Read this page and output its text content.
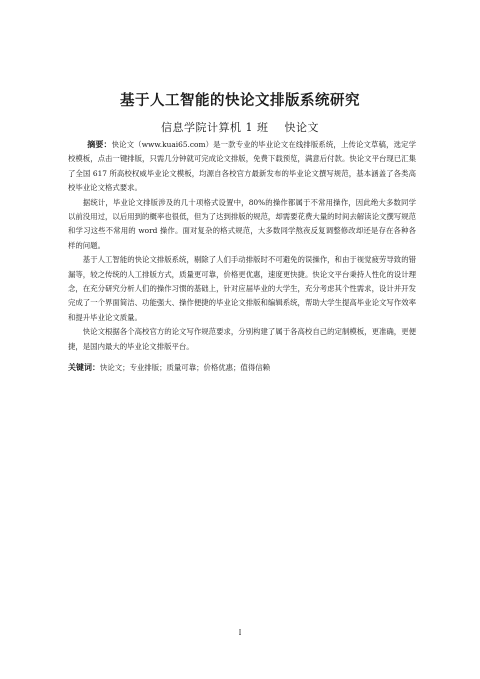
基于人工智能的快论文排版系统研究
信息学院计算机 1 班 快论文

摘要：快论文（www.kuai65.com）是一款专业的毕业论文在线排版系统，上传论文草稿，选定学校模板，点击一键排版，只需几分钟就可完成论文排版，免费下载预览，满意后付款。快论文平台现已汇集了全国 617 所高校权威毕业论文模板，均源自各校官方最新发布的毕业论文撰写规范，基本涵盖了各类高校毕业论文格式要求。

据统计，毕业论文排版涉及的几十项格式设置中，80%的操作都属于不常用操作，因此绝大多数同学以前没用过，以后用到的概率也很低，但为了达到排版的规范，却需要花费大量的时间去解读论文撰写规范和学习这些不常用的 word 操作。面对复杂的格式规范，大多数同学熬夜反复调整修改却还是存在各种各样的问题。

基于人工智能的快论文排版系统，剔除了人们手动排版时不可避免的误操作，和由于视觉疲劳导致的错漏等，较之传统的人工排版方式，质量更可靠，价格更优惠，速度更快捷。快论文平台秉持人性化的设计理念，在充分研究分析人们的操作习惯的基础上，针对应届毕业的大学生，充分考虑其个性需求，设计并开发完成了一个界面简洁、功能强大、操作便捷的毕业论文排版和编辑系统，帮助大学生提高毕业论文写作效率和提升毕业论文质量。

快论文根据各个高校官方的论文写作规范要求，分别构建了属于各高校自己的定制模板，更准确，更便捷，是国内最大的毕业论文排版平台。

关键词：快论文；专业排版；质量可靠；价格优惠；值得信赖
I
